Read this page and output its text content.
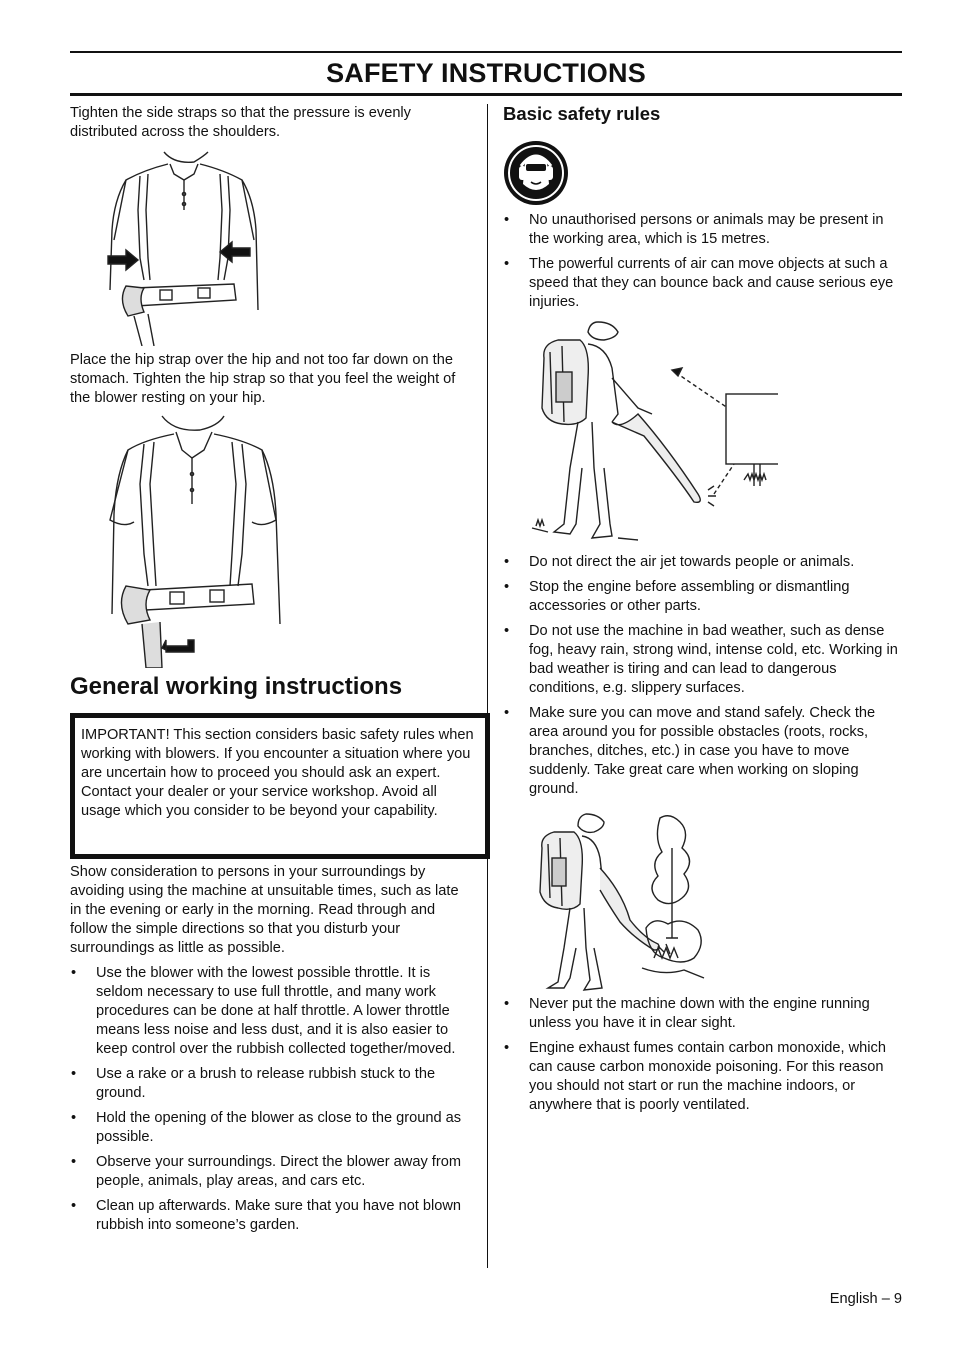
SAFETY INSTRUCTIONS

Tighten the side straps so that the pressure is evenly distributed across the shoulders.

Place the hip strap over the hip and not too far down on the stomach. Tighten the hip strap so that you feel the weight of the blower resting on your hip.

General working instructions
IMPORTANT! This section considers basic safety rules when working with blowers. If you encounter a situation where you are uncertain how to proceed you should ask an expert. Contact your dealer or your service workshop. Avoid all usage which you consider to be beyond your capability.

Show consideration to persons in your surroundings by avoiding using the machine at unsuitable times, such as late in the evening or early in the morning. Read through and follow the simple directions so that you disturb your surroundings as little as possible.

• Use the blower with the lowest possible throttle. It is seldom necessary to use full throttle, and many work procedures can be done at half throttle. A lower throttle means less noise and less dust, and it is also easier to keep control over the rubbish collected together/moved.
• Use a rake or a brush to release rubbish stuck to the ground.
• Hold the opening of the blower as close to the ground as possible.
• Observe your surroundings. Direct the blower away from people, animals, play areas, and cars etc.
• Clean up afterwards. Make sure that you have not blown rubbish into someone’s garden.
Basic safety rules
• No unauthorised persons or animals may be present in the working area, which is 15 metres.
• The powerful currents of air can move objects at such a speed that they can bounce back and cause serious eye injuries.
• Do not direct the air jet towards people or animals.
• Stop the engine before assembling or dismantling accessories or other parts.
• Do not use the machine in bad weather, such as dense fog, heavy rain, strong wind, intense cold, etc. Working in bad weather is tiring and can lead to dangerous conditions, e.g. slippery surfaces.
• Make sure you can move and stand safely. Check the area around you for possible obstacles (roots, rocks, branches, ditches, etc.) in case you have to move suddenly. Take great care when working on sloping ground.
• Never put the machine down with the engine running unless you have it in clear sight.
• Engine exhaust fumes contain carbon monoxide, which can cause carbon monoxide poisoning. For this reason you should not start or run the machine indoors, or anywhere that is poorly ventilated.
English – 9
